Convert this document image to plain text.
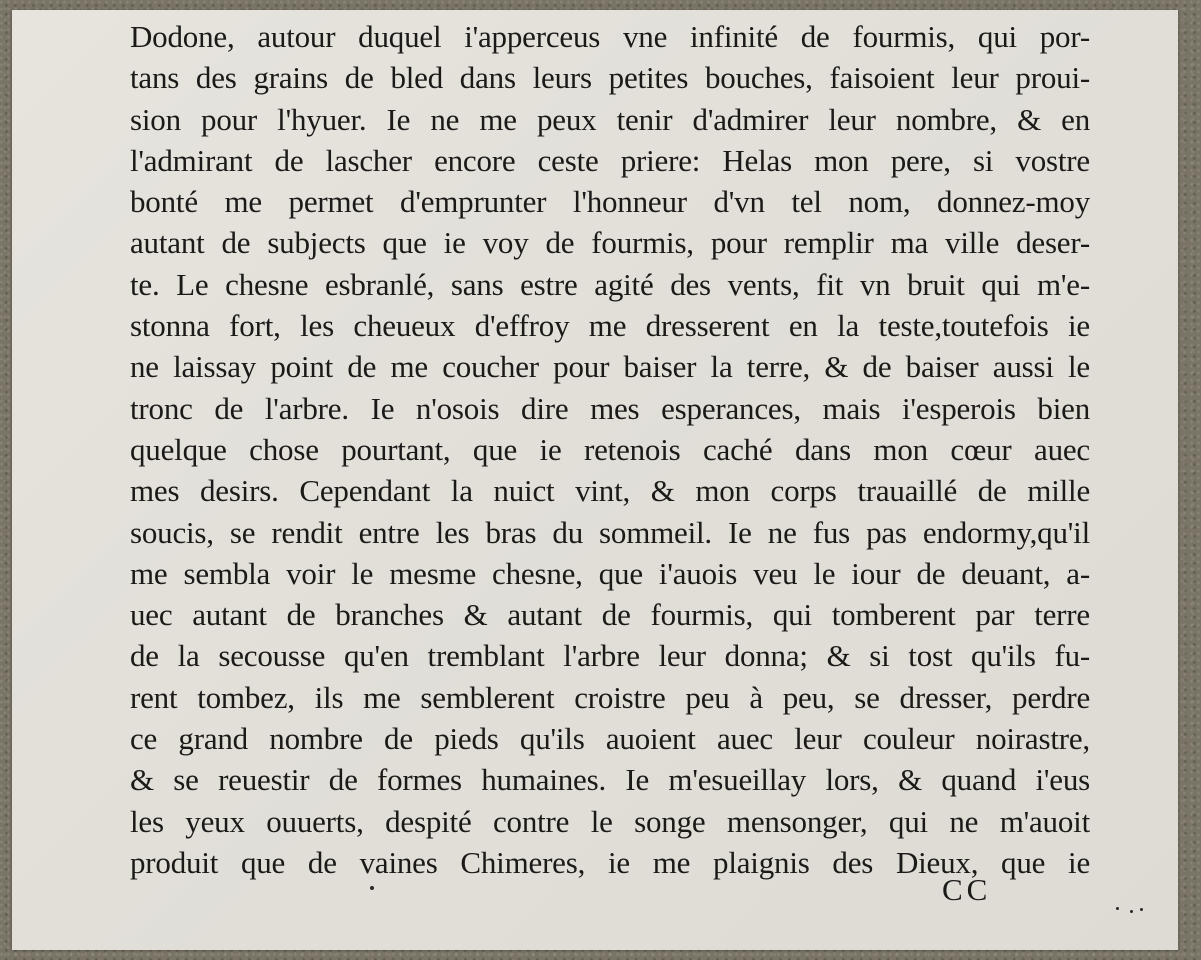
Dodone, autour duquel i'apperceus vne infinité de fourmis, qui por-
tans des grains de bled dans leurs petites bouches, faisoient leur proui-
sion pour l'hyuer. Ie ne me peux tenir d'admirer leur nombre, & en
l'admirant de lascher encore ceste priere: Helas mon pere, si vostre
bonté me permet d'emprunter l'honneur d'vn tel nom, donnez-moy
autant de subjects que ie voy de fourmis, pour remplir ma ville deser-
te. Le chesne esbranlé, sans estre agité des vents, fit vn bruit qui m'e-
stonna fort, les cheueux d'effroy me dresserent en la teste,toutefois ie
ne laissay point de me coucher pour baiser la terre, & de baiser aussi le
tronc de l'arbre. Ie n'osois dire mes esperances, mais i'esperois bien
quelque chose pourtant, que ie retenois caché dans mon cœur auec
mes desirs. Cependant la nuict vint, & mon corps trauaillé de mille
soucis, se rendit entre les bras du sommeil. Ie ne fus pas endormy,qu'il
me sembla voir le mesme chesne, que i'auois veu le iour de deuant, a-
uec autant de branches & autant de fourmis, qui tomberent par terre
de la secousse qu'en tremblant l'arbre leur donna; & si tost qu'ils fu-
rent tombez, ils me semblerent croistre peu à peu, se dresser, perdre
ce grand nombre de pieds qu'ils auoient auec leur couleur noirastre,
& se reuestir de formes humaines. Ie m'esueillay lors, & quand i'eus
les yeux ouuerts, despité contre le songe mensonger, qui ne m'auoit
produit que de vaines Chimeres, ie me plaignis des Dieux, que ie
CC
